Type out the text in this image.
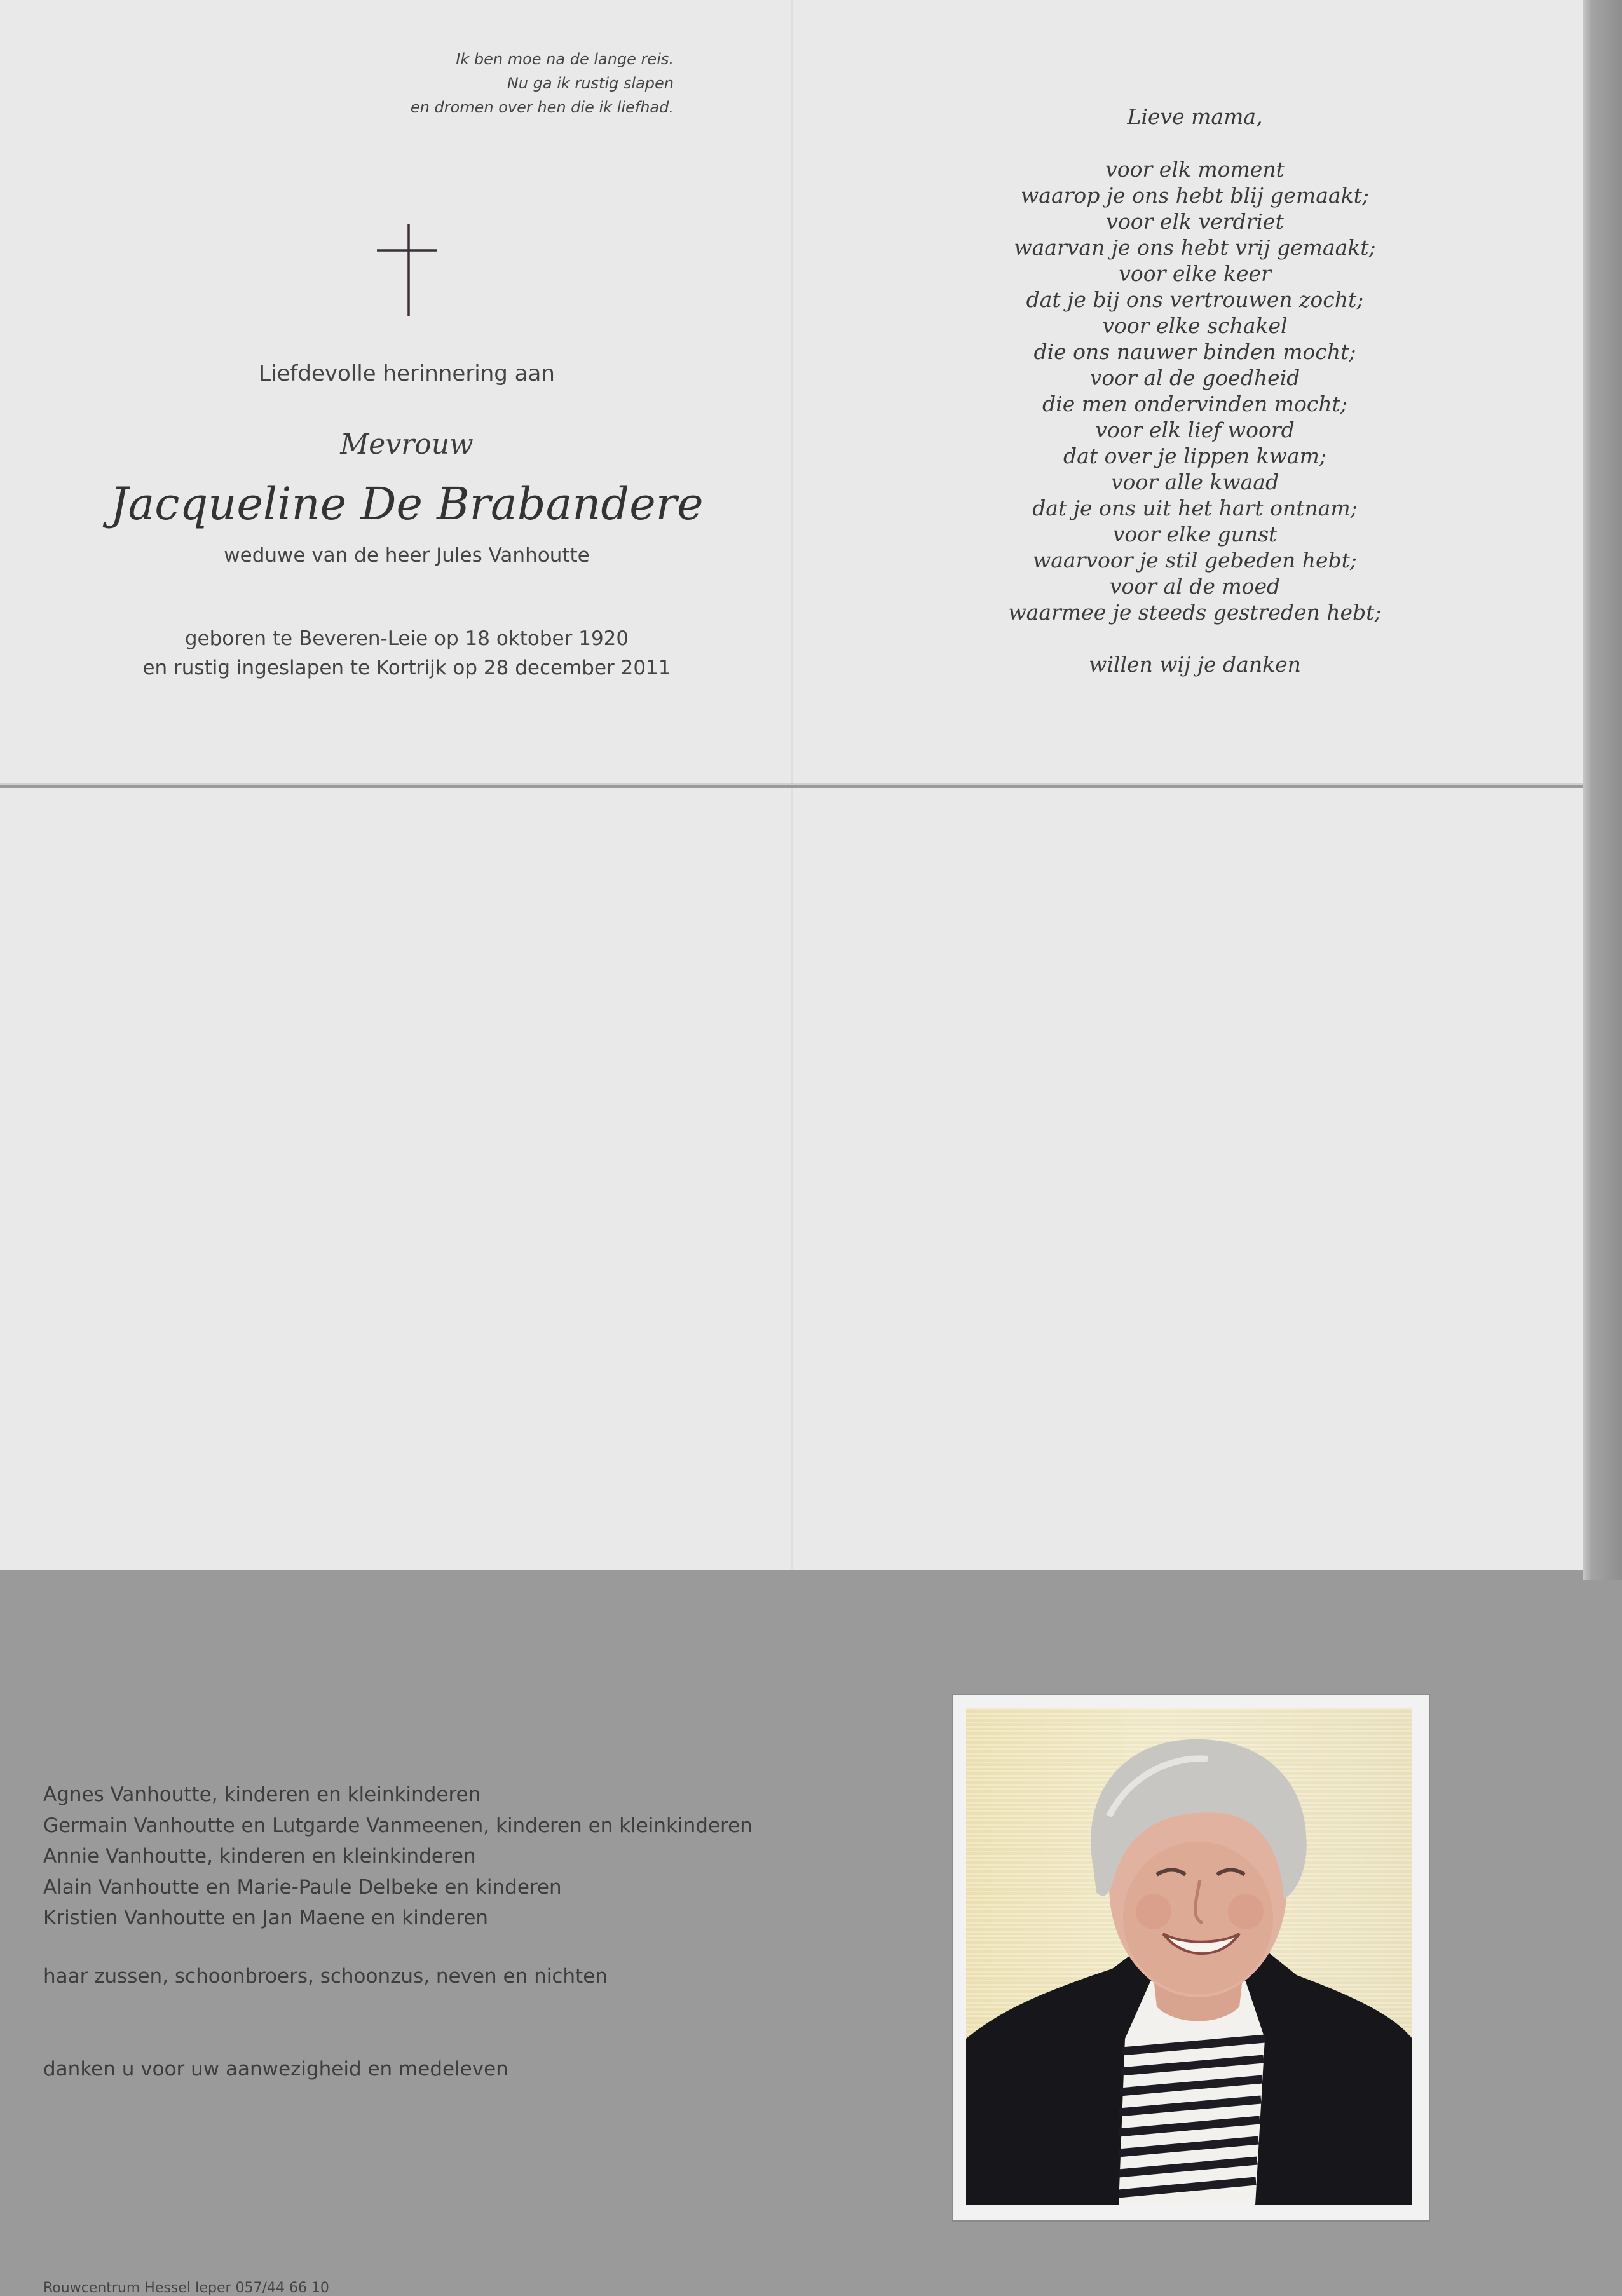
Ik ben moe na de lange reis.
Nu ga ik rustig slapen
en dromen over hen die ik liefhad.
Liefdevolle herinnering aan
Mevrouw
Jacqueline De Brabandere
weduwe van de heer Jules Vanhoutte
geboren te Beveren-Leie op 18 oktober 1920
en rustig ingeslapen te Kortrijk op 28 december 2011
Lieve mama,
voor elk moment
waarop je ons hebt blij gemaakt;
voor elk verdriet
waarvan je ons hebt vrij gemaakt;
voor elke keer
dat je bij ons vertrouwen zocht;
voor elke schakel
die ons nauwer binden mocht;
voor al de goedheid
die men ondervinden mocht;
voor elk lief woord
dat over je lippen kwam;
voor alle kwaad
dat je ons uit het hart ontnam;
voor elke gunst
waarvoor je stil gebeden hebt;
voor al de moed
waarmee je steeds gestreden hebt;
willen wij je danken
Agnes Vanhoutte, kinderen en kleinkinderen
Germain Vanhoutte en Lutgarde Vanmeenen, kinderen en kleinkinderen
Annie Vanhoutte, kinderen en kleinkinderen
Alain Vanhoutte en Marie-Paule Delbeke en kinderen
Kristien Vanhoutte en Jan Maene en kinderen
haar zussen, schoonbroers, schoonzus, neven en nichten
danken u voor uw aanwezigheid en medeleven
Rouwcentrum Hessel Ieper 057/44 66 10
